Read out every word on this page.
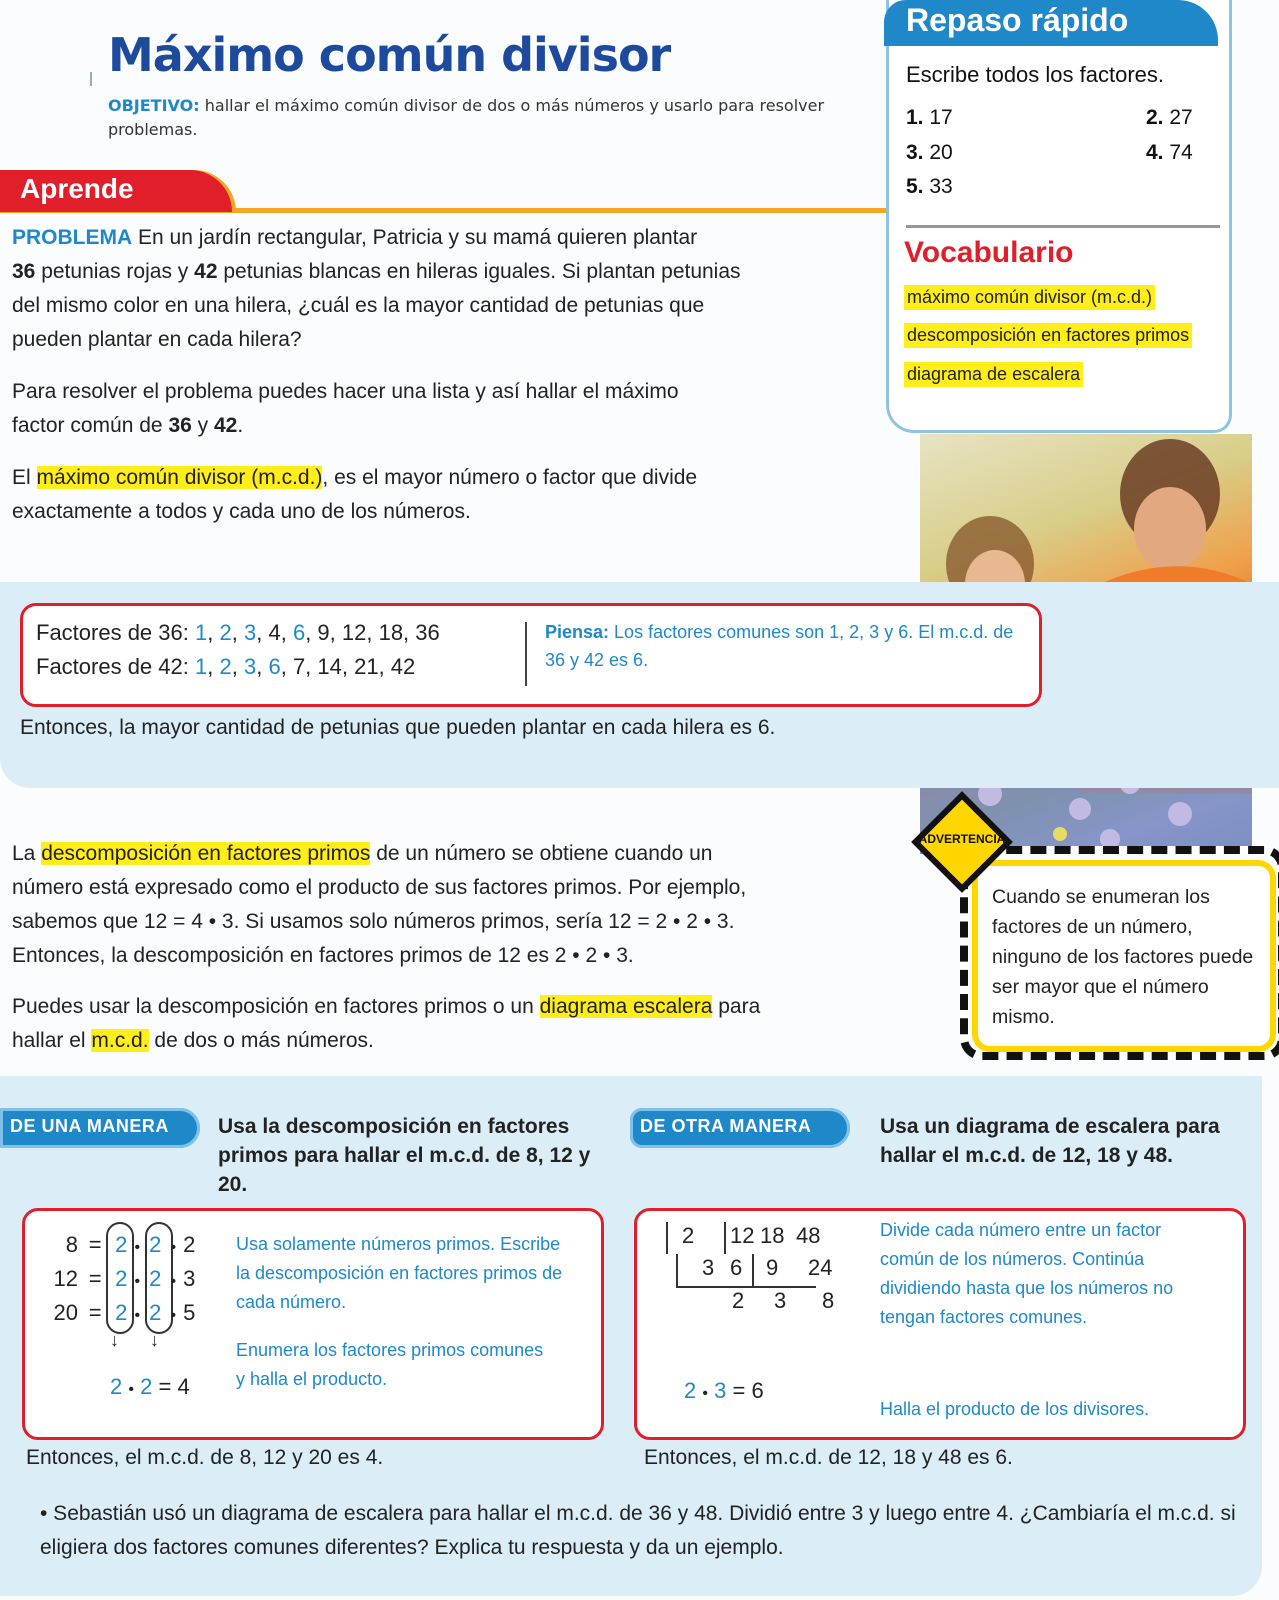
Máximo común divisor
OBJETIVO: hallar el máximo común divisor de dos o más números y usarlo para resolver problemas.
Aprende
PROBLEMA En un jardín rectangular, Patricia y su mamá quieren plantar
36 petunias rojas y 42 petunias blancas en hileras iguales. Si plantan petunias
del mismo color en una hilera, ¿cuál es la mayor cantidad de petunias que
pueden plantar en cada hilera?
Para resolver el problema puedes hacer una lista y así hallar el máximo
factor común de 36 y 42.
El máximo común divisor (m.c.d.), es el mayor número o factor que divide
exactamente a todos y cada uno de los números.
Repaso rápido
Escribe todos los factores.
1. 17	2. 27
3. 20	4. 74
5. 33
Vocabulario
máximo común divisor (m.c.d.)
descomposición en factores primos
diagrama de escalera
Factores de 36: 1, 2, 3, 4, 6, 9, 12, 18, 36
Factores de 42: 1, 2, 3, 6, 7, 14, 21, 42
Piensa: Los factores comunes son 1, 2, 3 y 6. El m.c.d. de 36 y 42 es 6.
Entonces, la mayor cantidad de petunias que pueden plantar en cada hilera es 6.
La descomposición en factores primos de un número se obtiene cuando un
número está expresado como el producto de sus factores primos. Por ejemplo,
sabemos que 12 = 4 • 3. Si usamos solo números primos, sería 12 = 2 • 2 • 3.
Entonces, la descomposición en factores primos de 12 es 2 • 2 • 3.
Puedes usar la descomposición en factores primos o un diagrama escalera para
hallar el m.c.d. de dos o más números.
Cuando se enumeran los factores de un número, ninguno de los factores puede ser mayor que el número mismo.
ADVERTENCIA
DE UNA MANERA Usa la descomposición en factores primos para hallar el m.c.d. de 8, 12 y 20.
8 = 2 • 2 • 2
12 = 2 • 2 • 3
20 = 2 • 2 • 5
↓ ↓
2 • 2 = 4
Usa solamente números primos. Escribe la descomposición en factores primos de cada número.
Enumera los factores primos comunes y halla el producto.
Entonces, el m.c.d. de 8, 12 y 20 es 4.
DE OTRA MANERA	Usa un diagrama de escalera para hallar el m.c.d. de 12, 18 y 48.
2 12 18 48
3 6 9 24
2 3 8
2 • 3 = 6
Divide cada número entre un factor común de los números. Continúa dividiendo hasta que los números no tengan factores comunes.
Halla el producto de los divisores.
Entonces, el m.c.d. de 12, 18 y 48 es 6.
• Sebastián usó un diagrama de escalera para hallar el m.c.d. de 36 y 48. Dividió entre 3 y luego entre 4. ¿Cambiaría el m.c.d. si eligiera dos factores comunes diferentes? Explica tu respuesta y da un ejemplo.
